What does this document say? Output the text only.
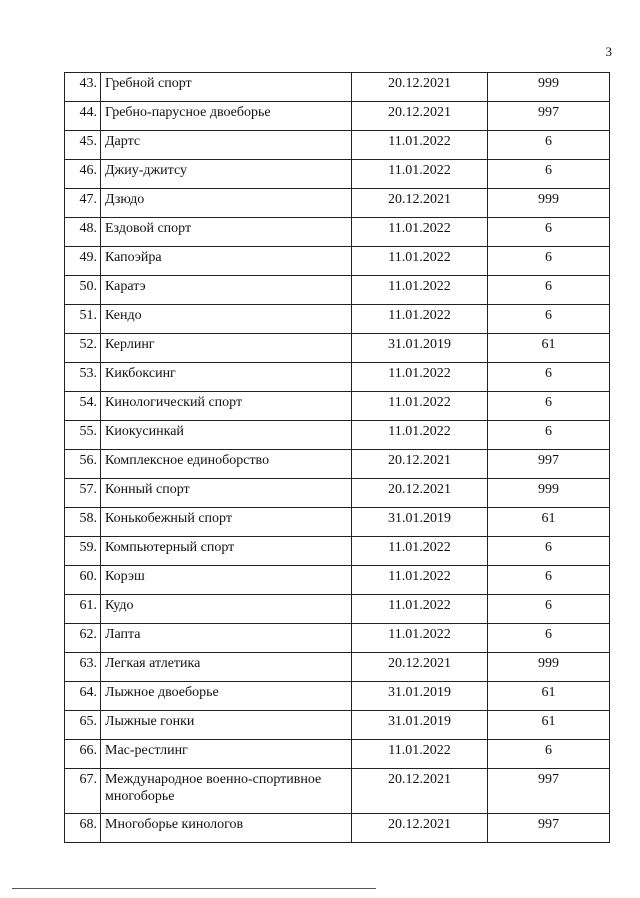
3
43.	Гребной спорт	20.12.2021	999
44.	Гребно-парусное двоеборье	20.12.2021	997
45.	Дартс	11.01.2022	6
46.	Джиу-джитсу	11.01.2022	6
47.	Дзюдо	20.12.2021	999
48.	Ездовой спорт	11.01.2022	6
49.	Капоэйра	11.01.2022	6
50.	Каратэ	11.01.2022	6
51.	Кендо	11.01.2022	6
52.	Керлинг	31.01.2019	61
53.	Кикбоксинг	11.01.2022	6
54.	Кинологический спорт	11.01.2022	6
55.	Киокусинкай	11.01.2022	6
56.	Комплексное единоборство	20.12.2021	997
57.	Конный спорт	20.12.2021	999
58.	Конькобежный спорт	31.01.2019	61
59.	Компьютерный спорт	11.01.2022	6
60.	Корэш	11.01.2022	6
61.	Кудо	11.01.2022	6
62.	Лапта	11.01.2022	6
63.	Легкая атлетика	20.12.2021	999
64.	Лыжное двоеборье	31.01.2019	61
65.	Лыжные гонки	31.01.2019	61
66.	Мас-рестлинг	11.01.2022	6
67.	Международное военно-спортивное многоборье	20.12.2021	997
68.	Многоборье кинологов	20.12.2021	997
